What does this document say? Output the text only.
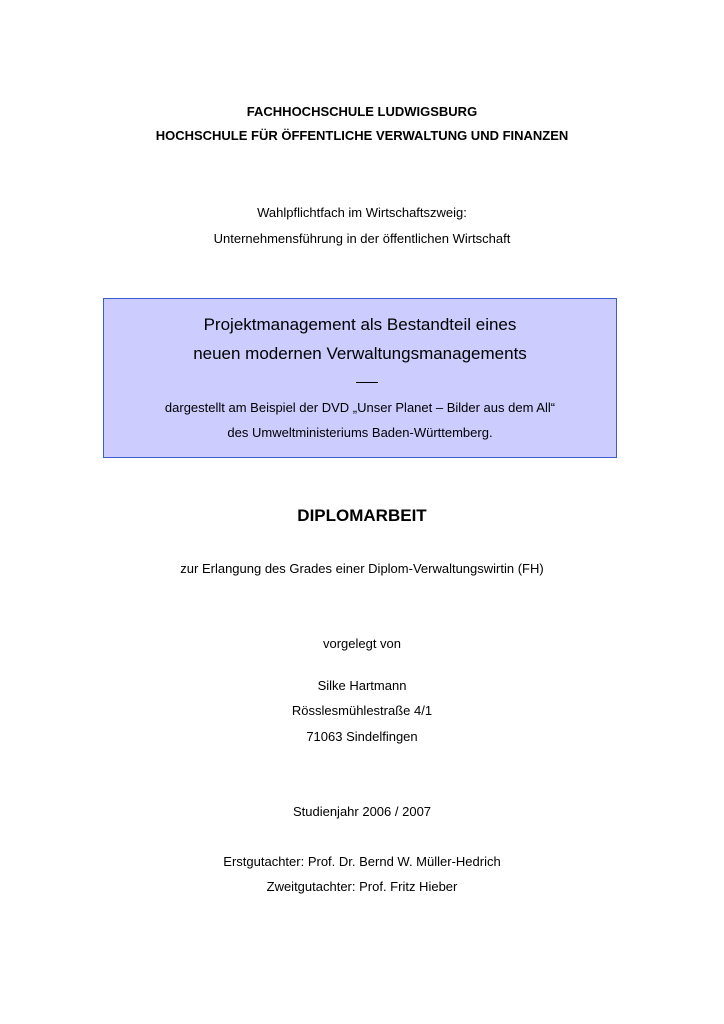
FACHHOCHSCHULE LUDWIGSBURG
HOCHSCHULE FÜR ÖFFENTLICHE VERWALTUNG UND FINANZEN
Wahlpflichtfach im Wirtschaftszweig:
Unternehmensführung in der öffentlichen Wirtschaft
Projektmanagement als Bestandteil eines
neuen modernen Verwaltungsmanagements
dargestellt am Beispiel der DVD „Unser Planet – Bilder aus dem All“
des Umweltministeriums Baden-Württemberg.
DIPLOMARBEIT
zur Erlangung des Grades einer Diplom-Verwaltungswirtin (FH)
vorgelegt von
Silke Hartmann
Rösslesmühlestraße 4/1
71063 Sindelfingen
Studienjahr 2006 / 2007
Erstgutachter: Prof. Dr. Bernd W. Müller-Hedrich
Zweitgutachter: Prof. Fritz Hieber
